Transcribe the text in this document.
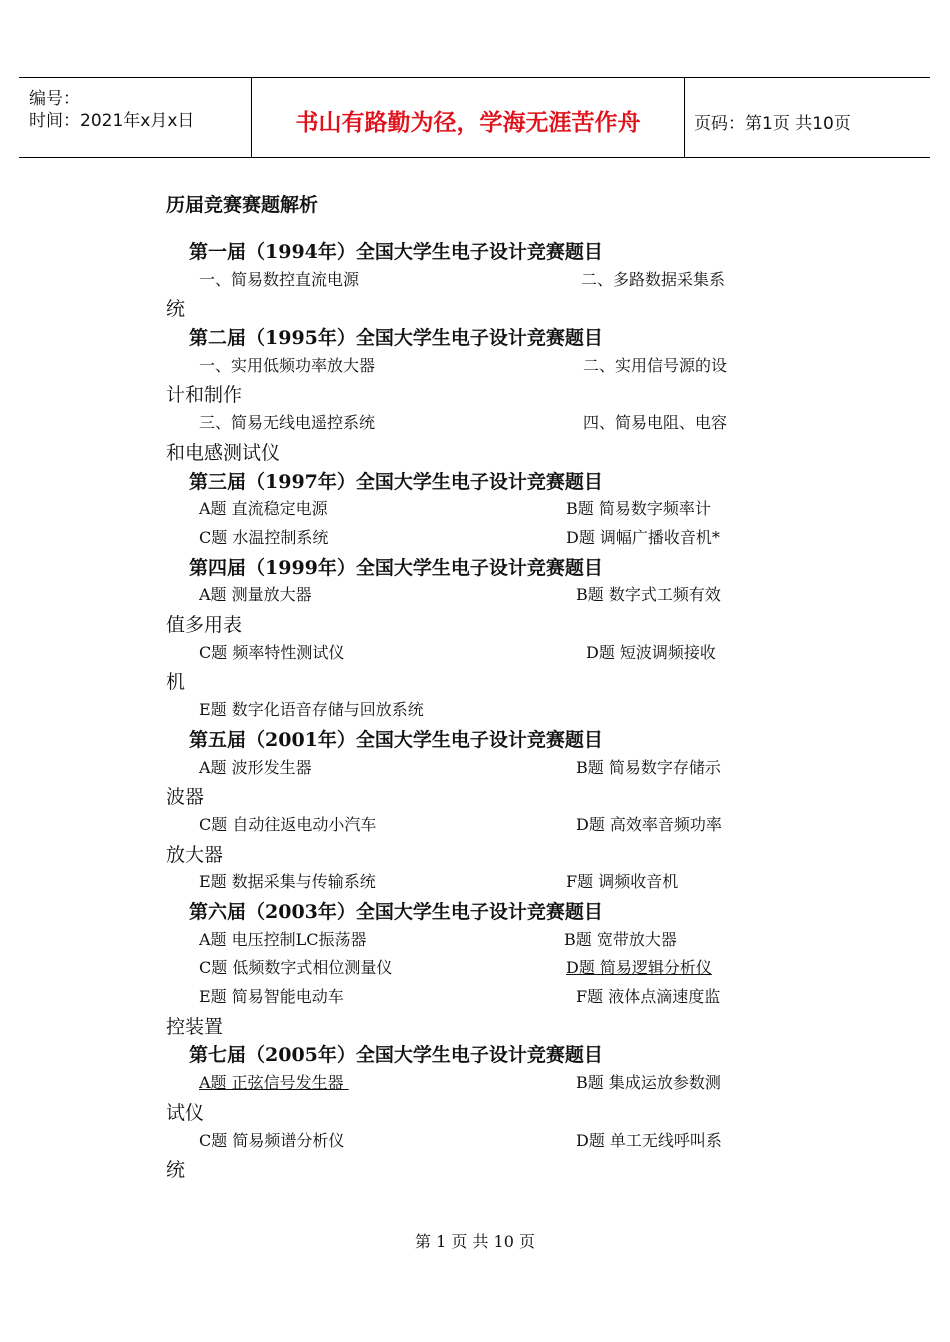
编号：
时间：2021年x月x日	书山有路勤为径，学海无涯苦作舟	页码：第1页 共10页
历届竞赛赛题解析
第一届（1994年）全国大学生电子设计竞赛题目
一、简易数控直流电源	二、多路数据采集系
统
第二届（1995年）全国大学生电子设计竞赛题目
一、实用低频功率放大器	二、实用信号源的设
计和制作
三、简易无线电遥控系统	四、简易电阻、电容
和电感测试仪
第三届（1997年）全国大学生电子设计竞赛题目
A题 直流稳定电源	B题 简易数字频率计
C题 水温控制系统	D题 调幅广播收音机*
第四届（1999年）全国大学生电子设计竞赛题目
A题 测量放大器	B题 数字式工频有效
值多用表
C题 频率特性测试仪	D题 短波调频接收
机
E题 数字化语音存储与回放系统
第五届（2001年）全国大学生电子设计竞赛题目
A题 波形发生器	B题 简易数字存储示
波器
C题 自动往返电动小汽车	D题 高效率音频功率
放大器
E题 数据采集与传输系统	F题 调频收音机
第六届（2003年）全国大学生电子设计竞赛题目
A题 电压控制LC振荡器	B题 宽带放大器
C题 低频数字式相位测量仪	D题 简易逻辑分析仪
E题 简易智能电动车	F题 液体点滴速度监
控装置
第七届（2005年）全国大学生电子设计竞赛题目
A题 正弦信号发生器	B题 集成运放参数测
试仪
C题 简易频谱分析仪	D题 单工无线呼叫系
统
第 1 页 共 10 页
